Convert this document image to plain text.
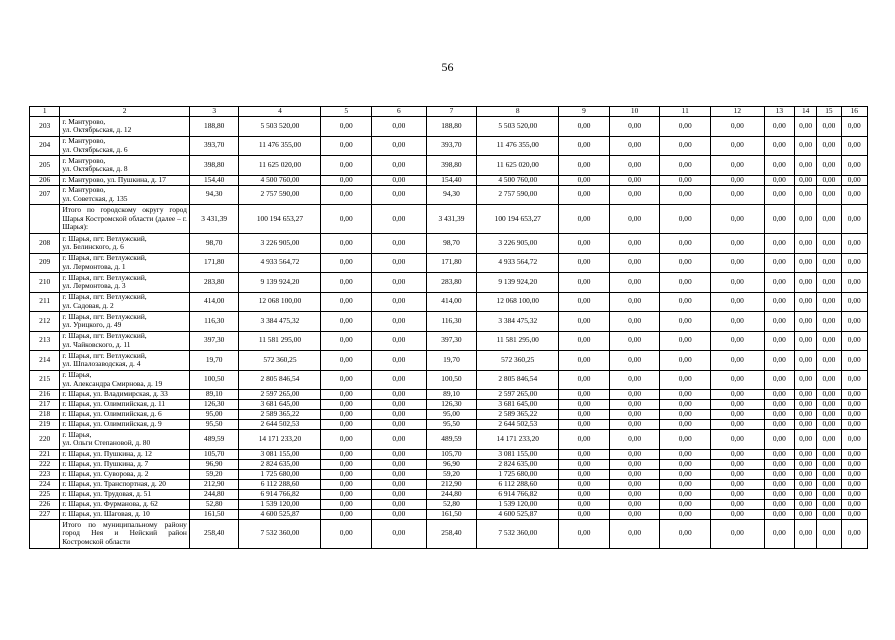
56
1	2	3	4	5	6	7	8	9	10	11	12	13	14	15	16
203	г. Мантурово,
ул. Октябрьская, д. 12	188,80	5 503 520,00	0,00	0,00	188,80	5 503 520,00	0,00	0,00	0,00	0,00	0,00	0,00	0,00	0,00
204	г. Мантурово,
ул. Октябрьская, д. 6	393,70	11 476 355,00	0,00	0,00	393,70	11 476 355,00	0,00	0,00	0,00	0,00	0,00	0,00	0,00	0,00
205	г. Мантурово,
ул. Октябрьская, д. 8	398,80	11 625 020,00	0,00	0,00	398,80	11 625 020,00	0,00	0,00	0,00	0,00	0,00	0,00	0,00	0,00
206	г. Мантурово, ул. Пушкина, д. 17	154,40	4 500 760,00	0,00	0,00	154,40	4 500 760,00	0,00	0,00	0,00	0,00	0,00	0,00	0,00	0,00
207	г. Мантурово,
ул. Советская, д. 135	94,30	2 757 590,00	0,00	0,00	94,30	2 757 590,00	0,00	0,00	0,00	0,00	0,00	0,00	0,00	0,00
	Итого по городскому округу город Шарья Костромской области (далее – г. Шарья):	3 431,39	100 194 653,27	0,00	0,00	3 431,39	100 194 653,27	0,00	0,00	0,00	0,00	0,00	0,00	0,00	0,00
208	г. Шарья, пгт. Ветлужский,
ул. Белинского, д. 6	98,70	3 226 905,00	0,00	0,00	98,70	3 226 905,00	0,00	0,00	0,00	0,00	0,00	0,00	0,00	0,00
209	г. Шарья, пгт. Ветлужский,
ул. Лермонтова, д. 1	171,80	4 933 564,72	0,00	0,00	171,80	4 933 564,72	0,00	0,00	0,00	0,00	0,00	0,00	0,00	0,00
210	г. Шарья, пгт. Ветлужский,
ул. Лермонтова, д. 3	283,80	9 139 924,20	0,00	0,00	283,80	9 139 924,20	0,00	0,00	0,00	0,00	0,00	0,00	0,00	0,00
211	г. Шарья, пгт. Ветлужский,
ул. Садовая, д. 2	414,00	12 068 100,00	0,00	0,00	414,00	12 068 100,00	0,00	0,00	0,00	0,00	0,00	0,00	0,00	0,00
212	г. Шарья, пгт. Ветлужский,
ул. Урицкого, д. 49	116,30	3 384 475,32	0,00	0,00	116,30	3 384 475,32	0,00	0,00	0,00	0,00	0,00	0,00	0,00	0,00
213	г. Шарья, пгт. Ветлужский,
ул. Чайковского, д. 11	397,30	11 581 295,00	0,00	0,00	397,30	11 581 295,00	0,00	0,00	0,00	0,00	0,00	0,00	0,00	0,00
214	г. Шарья, пгт. Ветлужский,
ул. Шпалозаводская, д. 4	19,70	572 360,25	0,00	0,00	19,70	572 360,25	0,00	0,00	0,00	0,00	0,00	0,00	0,00	0,00
215	г. Шарья,
ул. Александра Смирнова, д. 19	100,50	2 805 846,54	0,00	0,00	100,50	2 805 846,54	0,00	0,00	0,00	0,00	0,00	0,00	0,00	0,00
216	г. Шарья, ул. Владимирская, д. 33	89,10	2 597 265,00	0,00	0,00	89,10	2 597 265,00	0,00	0,00	0,00	0,00	0,00	0,00	0,00	0,00
217	г. Шарья, ул. Олимпийская, д. 11	126,30	3 681 645,00	0,00	0,00	126,30	3 681 645,00	0,00	0,00	0,00	0,00	0,00	0,00	0,00	0,00
218	г. Шарья, ул. Олимпийская, д. 6	95,00	2 589 365,22	0,00	0,00	95,00	2 589 365,22	0,00	0,00	0,00	0,00	0,00	0,00	0,00	0,00
219	г. Шарья, ул. Олимпийская, д. 9	95,50	2 644 502,53	0,00	0,00	95,50	2 644 502,53	0,00	0,00	0,00	0,00	0,00	0,00	0,00	0,00
220	г. Шарья,
ул. Ольги Степановой, д. 80	489,59	14 171 233,20	0,00	0,00	489,59	14 171 233,20	0,00	0,00	0,00	0,00	0,00	0,00	0,00	0,00
221	г. Шарья, ул. Пушкина, д. 12	105,70	3 081 155,00	0,00	0,00	105,70	3 081 155,00	0,00	0,00	0,00	0,00	0,00	0,00	0,00	0,00
222	г. Шарья, ул. Пушкина, д. 7	96,90	2 824 635,00	0,00	0,00	96,90	2 824 635,00	0,00	0,00	0,00	0,00	0,00	0,00	0,00	0,00
223	г. Шарья, ул. Суворова, д. 2	59,20	1 725 680,00	0,00	0,00	59,20	1 725 680,00	0,00	0,00	0,00	0,00	0,00	0,00	0,00	0,00
224	г. Шарья, ул. Транспортная, д. 20	212,90	6 112 288,60	0,00	0,00	212,90	6 112 288,60	0,00	0,00	0,00	0,00	0,00	0,00	0,00	0,00
225	г. Шарья, ул. Трудовая, д. 51	244,80	6 914 766,82	0,00	0,00	244,80	6 914 766,82	0,00	0,00	0,00	0,00	0,00	0,00	0,00	0,00
226	г. Шарья, ул. Фурманова, д. 62	52,80	1 539 120,00	0,00	0,00	52,80	1 539 120,00	0,00	0,00	0,00	0,00	0,00	0,00	0,00	0,00
227	г. Шарья, ул. Шаговая, д. 10	161,50	4 600 525,87	0,00	0,00	161,50	4 600 525,87	0,00	0,00	0,00	0,00	0,00	0,00	0,00	0,00
	Итого по муниципальному району город Нея и Нейский район Костромской области	258,40	7 532 360,00	0,00	0,00	258,40	7 532 360,00	0,00	0,00	0,00	0,00	0,00	0,00	0,00	0,00
